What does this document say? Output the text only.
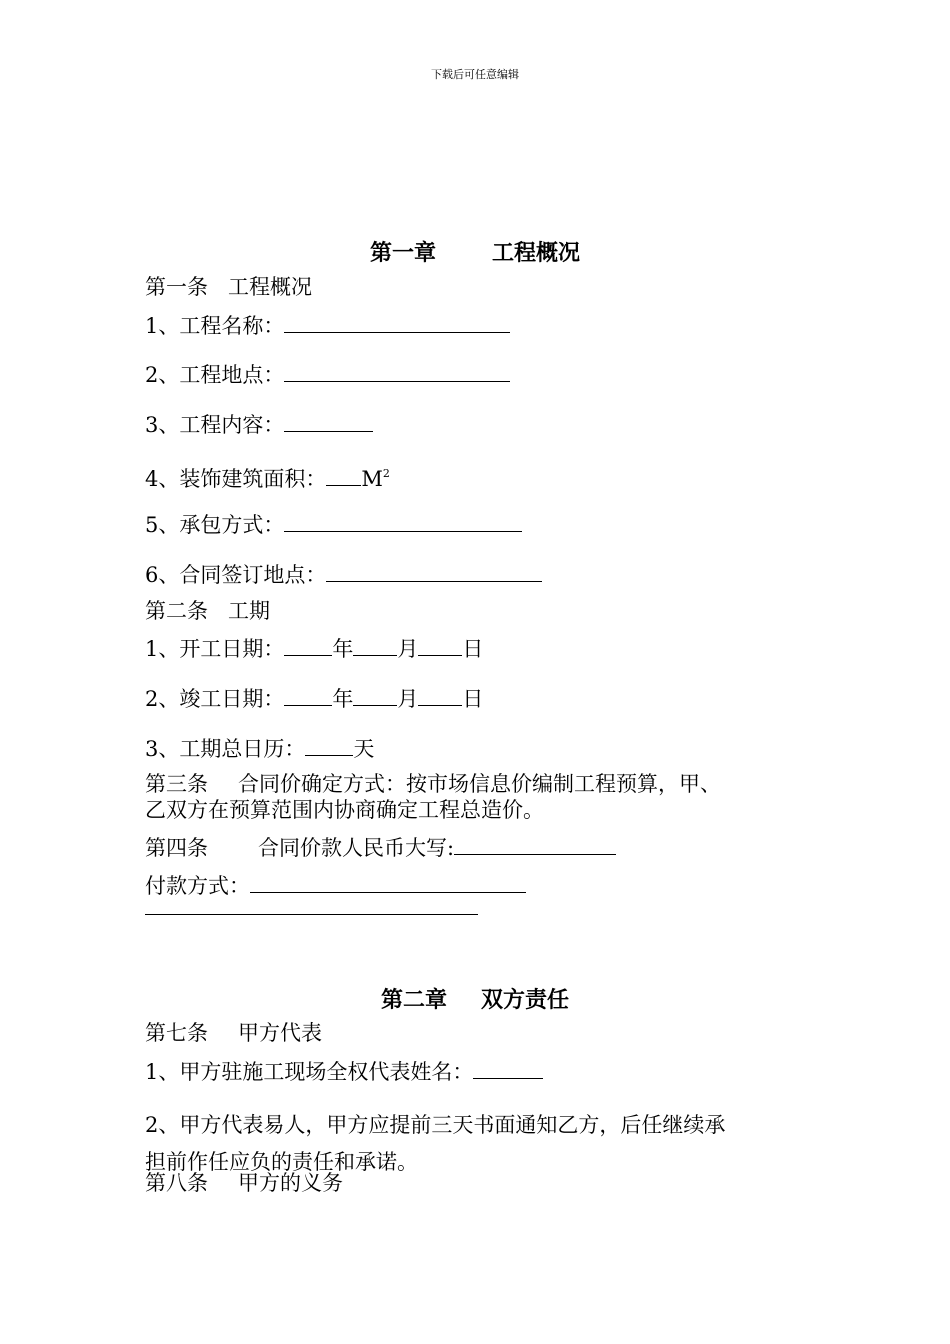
下载后可任意编辑
第一章	工程概况
第一条 工程概况
1、工程名称：
2、工程地点：
3、工程内容：
4、装饰建筑面积： $M^2$
5、承包方式：
6、合同签订地点：
第二条 工期
1、开工日期： 年 月 日
2、竣工日期： 年 月 日
3、工期总日历： 天
第三条 合同价确定方式：按市场信息价编制工程预算，甲、
乙双方在预算范围内协商确定工程总造价。
第四条 合同价款人民币大写:
付款方式：
第二章 双方责任
第七条 甲方代表
1、甲方驻施工现场全权代表姓名：
2、甲方代表易人，甲方应提前三天书面通知乙方，后任继续承
担前作任应负的责任和承诺。
第八条 甲方的义务
